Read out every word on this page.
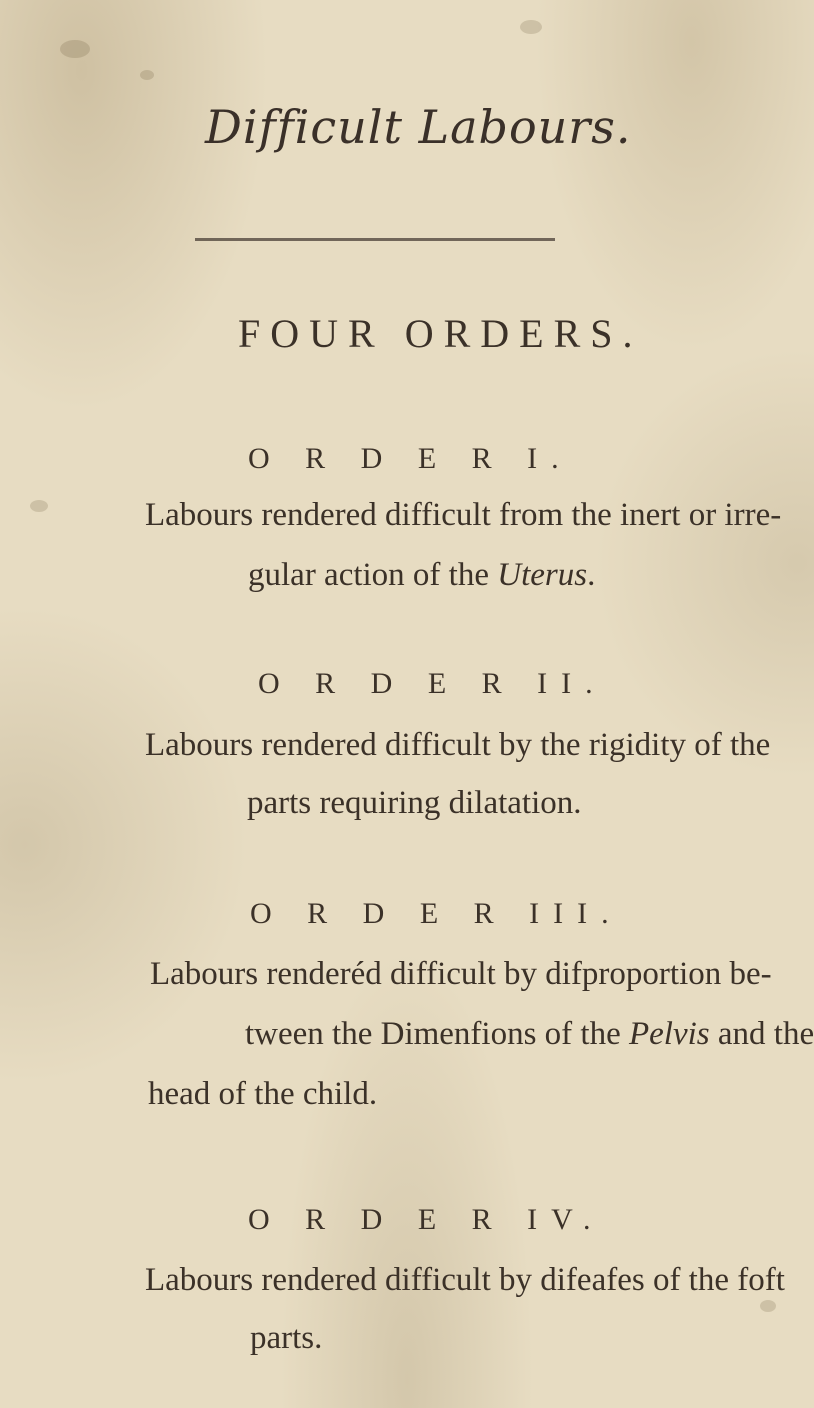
Difficult Labours.
FOUR ORDERS.
O R D E R I.
Labours rendered difficult from the inert or irre-
gular action of the Uterus.
O R D E R II.
Labours rendered difficult by the rigidity of the
parts requiring dilatation.
O R D E R III.
Labours renderéd difficult by difproportion be-
tween the Dimenfions of the Pelvis and the
head of the child.
O R D E R IV.
Labours rendered difficult by difeafes of the foft
parts.
